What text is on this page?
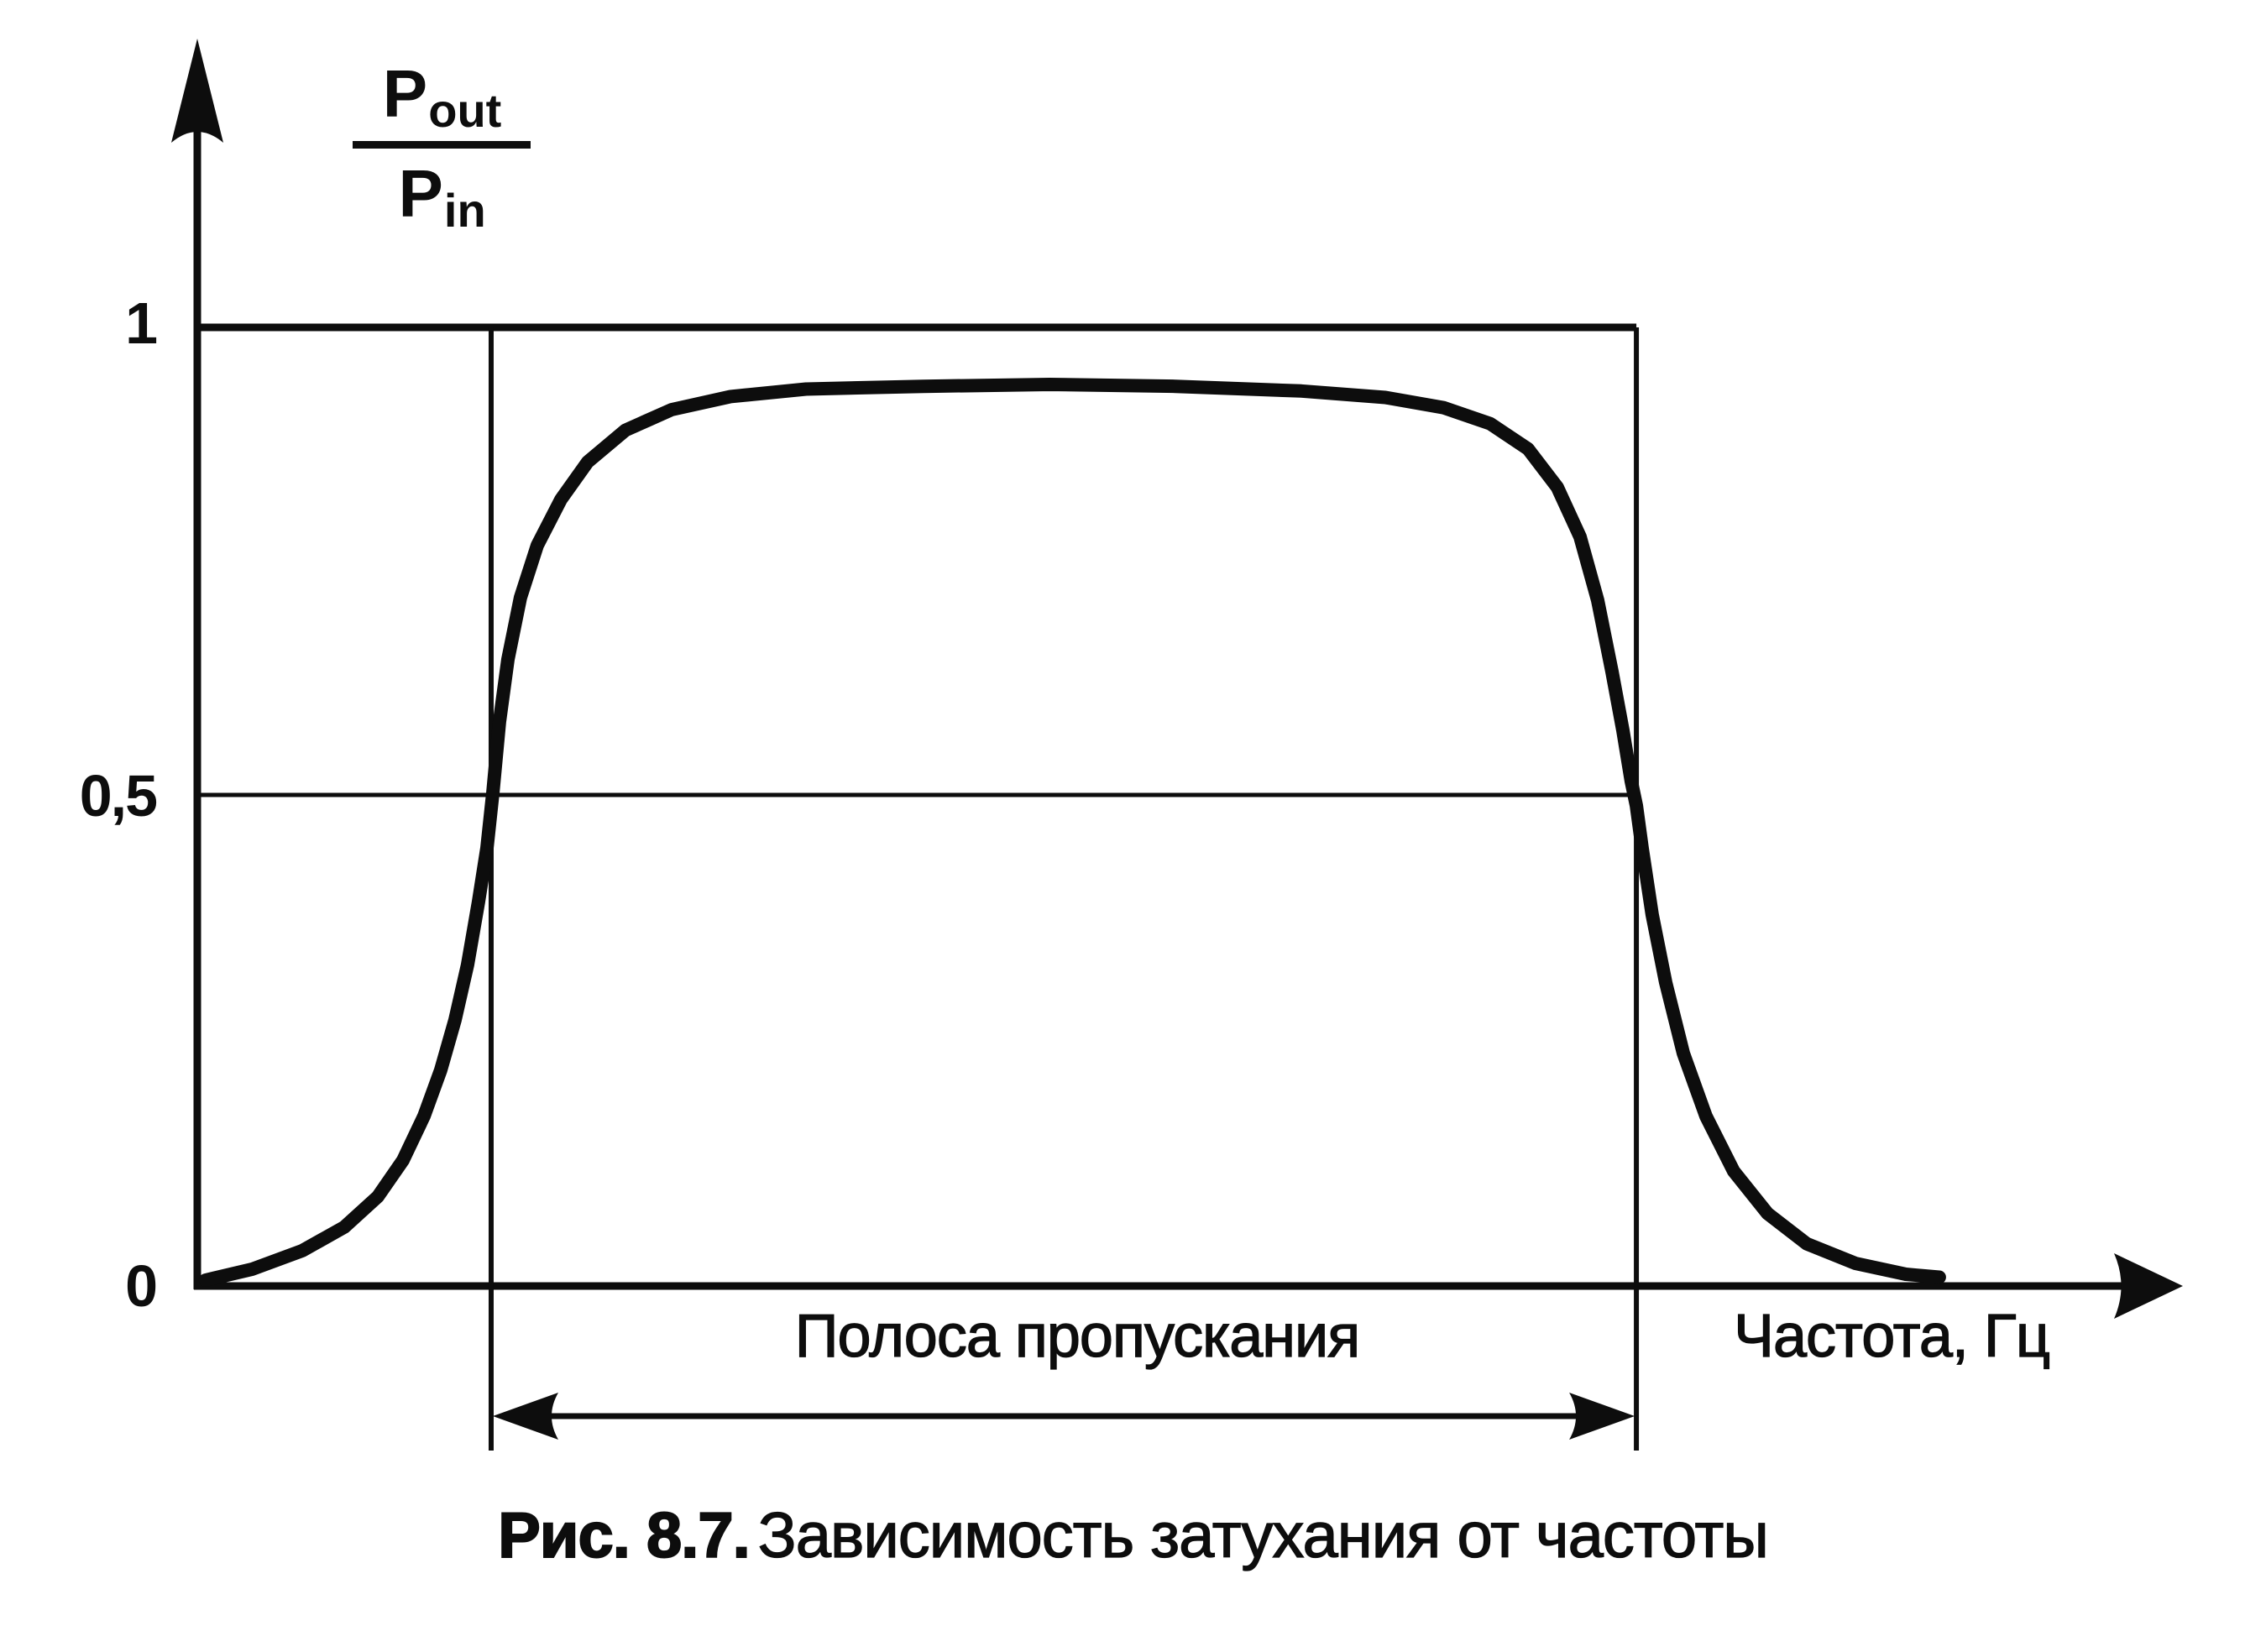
$P_{out}$
$P_{in}$
1
0,5
0
Полоса пропускания	Частота, Гц
Рис. 8.7. Зависимость затухания от частоты
